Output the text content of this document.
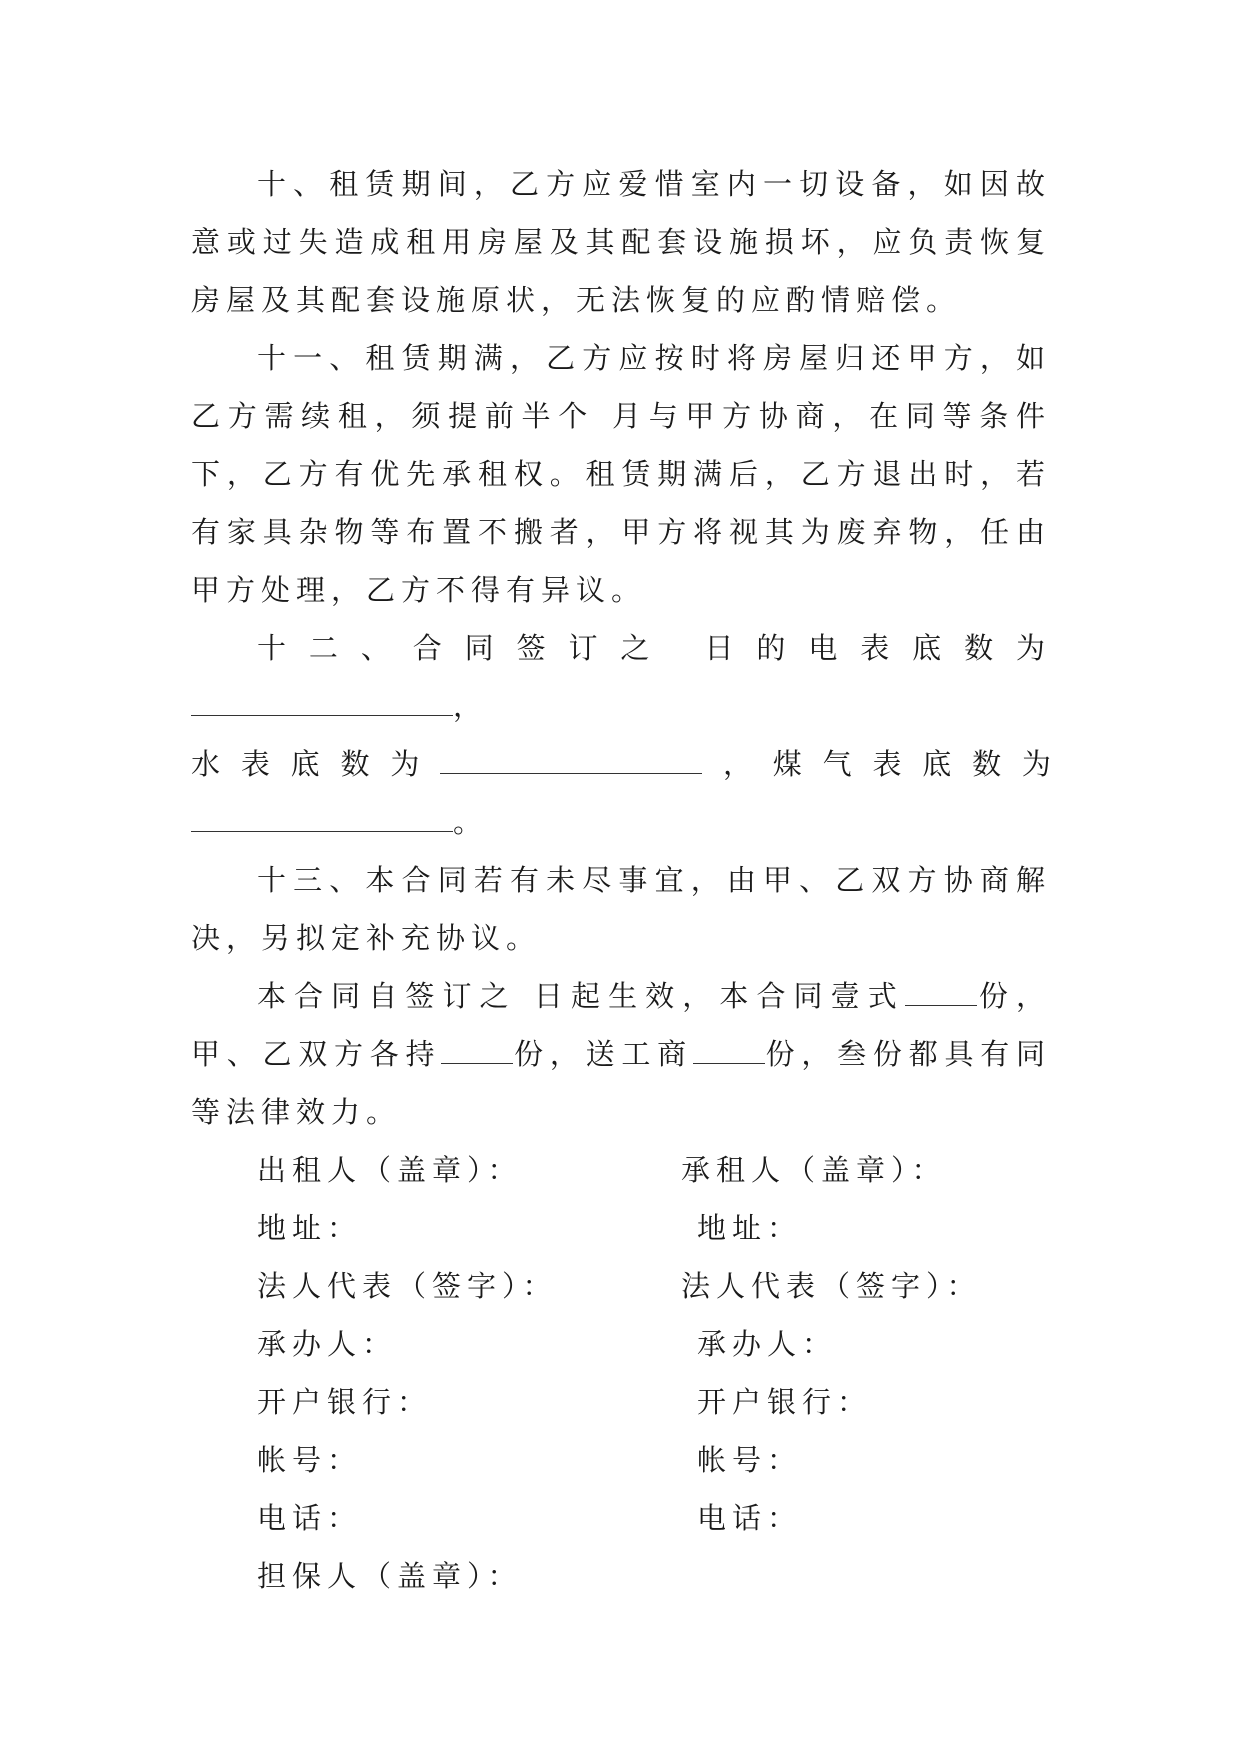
十、租赁期间，乙方应爱惜室内一切设备，如因故意或过失造成租用房屋及其配套设施损坏，应负责恢复房屋及其配套设施原状，无法恢复的应酌情赔偿。

十一、租赁期满，乙方应按时将房屋归还甲方，如乙方需续租，须提前半个 月与甲方协商，在同等条件下，乙方有优先承租权。租赁期满后，乙方退出时，若有家具杂物等布置不搬者，甲方将视其为废弃物，任由甲方处理，乙方不得有异议。

十二、合同签订之 日的电表底数为，

水 表 底 数 为	， 煤 气 表 底 数 为

。

十三、本合同若有未尽事宜，由甲、乙双方协商解决，另拟定补充协议。

本合同自签订之 日起生效，本合同壹式 份，甲、乙双方各持 份，送工商 份，叁份都具有同等法律效力。

出租人（盖章）：	承租人（盖章）：
地址：	地址：
法人代表（签字）：	法人代表（签字）：
承办人：	承办人：
开户银行：	开户银行：
帐号：	帐号：
电话：	电话：
担保人（盖章）：
